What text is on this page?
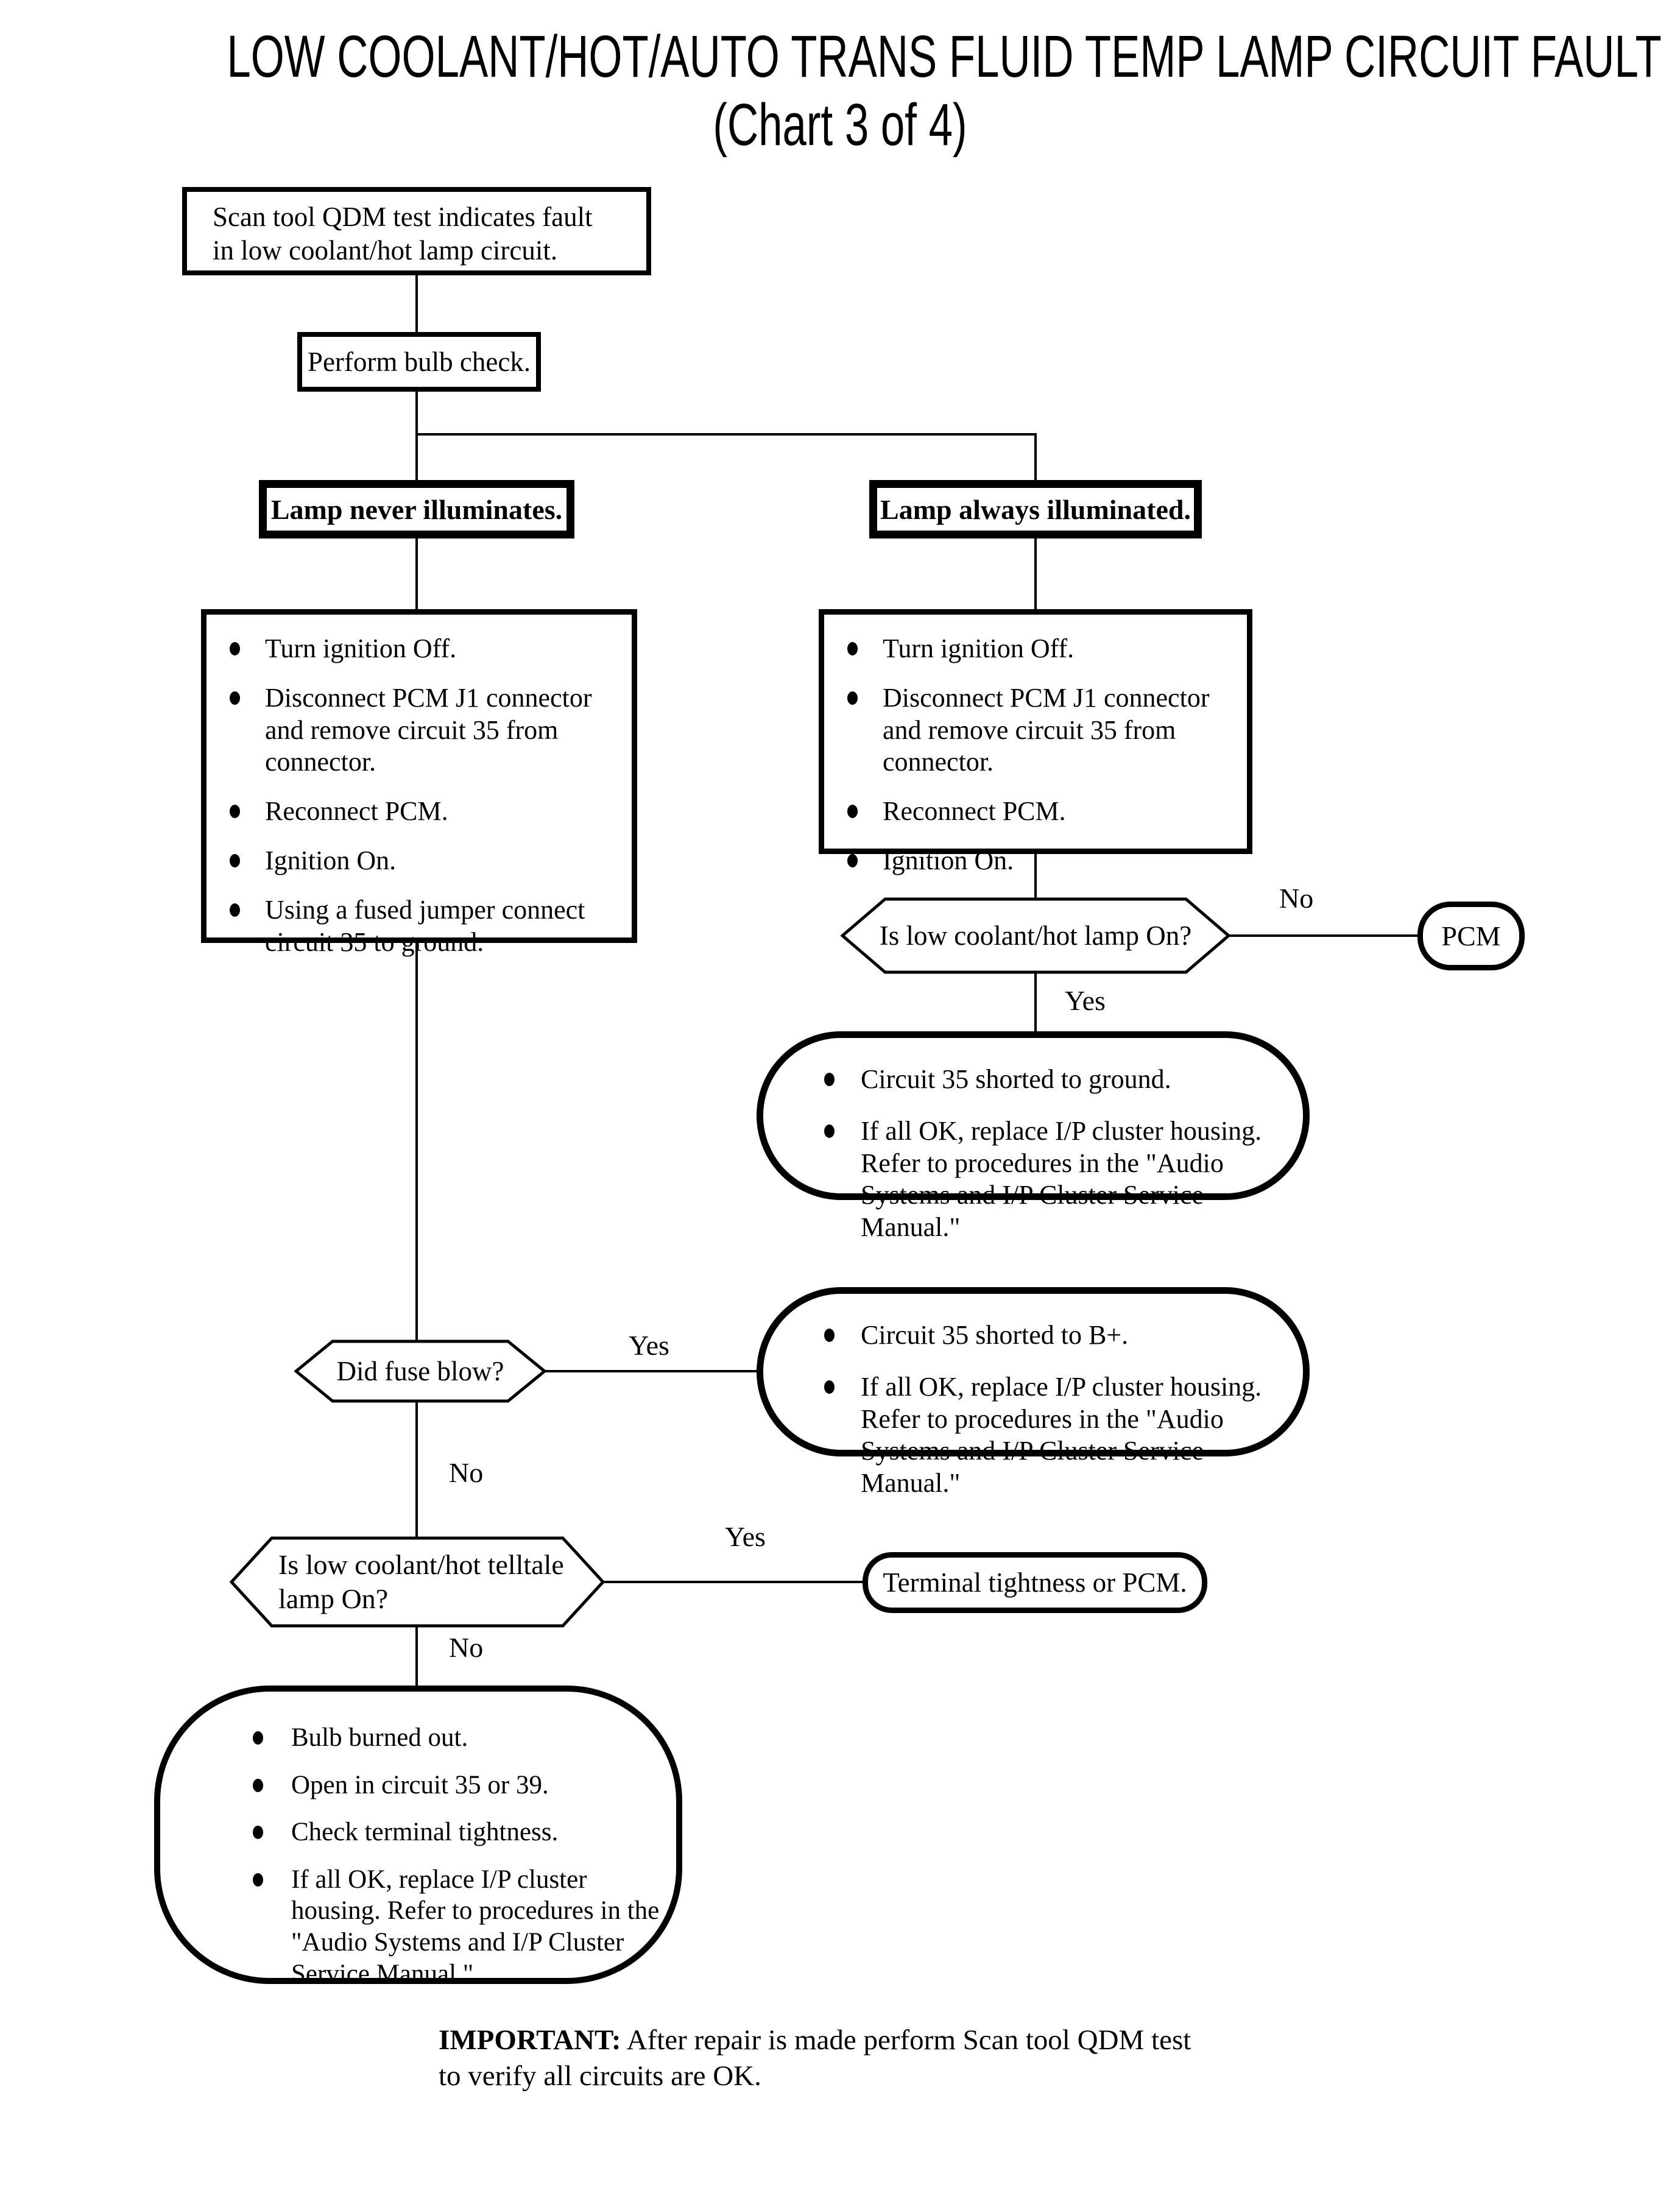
LOW COOLANT/HOT/AUTO TRANS FLUID TEMP LAMP CIRCUIT FAULT
(Chart 3 of 4)
Scan tool QDM test indicates fault
in low coolant/hot lamp circuit.
Perform bulb check.
Lamp never illuminates.	Lamp always illuminated.
Turn ignition Off.
Disconnect PCM J1 connector and remove circuit 35 from connector.
Reconnect PCM.
Ignition On.
Using a fused jumper connect circuit 35 to ground.
Turn ignition Off.
Disconnect PCM J1 connector and remove circuit 35 from connector.
Reconnect PCM.
Ignition On.
Is low coolant/hot lamp On?
No
PCM
Yes
Circuit 35 shorted to ground.
If all OK, replace I/P cluster housing. Refer to procedures in the "Audio Systems and I/P Cluster Service Manual."
Circuit 35 shorted to B+.
If all OK, replace I/P cluster housing. Refer to procedures in the "Audio Systems and I/P Cluster Service Manual."
Did fuse blow?
Yes
No
Is low coolant/hot telltale
lamp On?
Yes
No
Terminal tightness or PCM.
Bulb burned out.
Open in circuit 35 or 39.
Check terminal tightness.
If all OK, replace I/P cluster housing. Refer to procedures in the "Audio Systems and I/P Cluster Service Manual."
IMPORTANT: After repair is made perform Scan tool QDM test to verify all circuits are OK.
